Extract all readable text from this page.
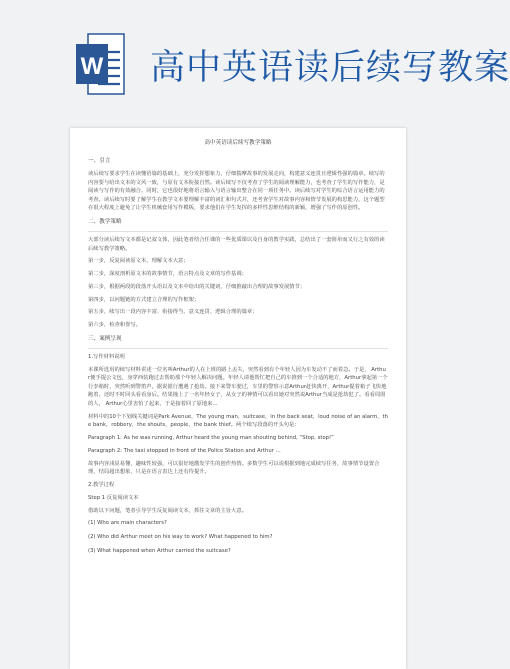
W 高中英语读后续写教案
高中英语读后续写教学策略
一、引言
读后续写要求学生在读懂语篇的基础上，充分发挥想象力，仔细揣摩故事的发展走向，构建意义连贯且逻辑性强的篇章。续写的内容要与给出文本的文风一致，与原有文本衔接自然。读后续写不仅考查了学生的阅读理解能力，也考查了学生的写作能力，是阅读与写作的有效融合。同时，它也很好地将语言输入与语言输出整合在同一项任务中。读后续写对学生的综合语言运用能力的考查。读后续写时要了解学生在教学文本要理解丰富的词汇和句式并，还考查学生对故事内容和情节发展的构思能力，这个题型在很大程度上避免了让学生机械套用写作模板，要求他们在学生发挥的多样性思维结构的新颖，增强了写作的原创性。
二、教学策略
大部分读后续写文本都是记叙文体，因此笔者结合任课的一些优质课以及自身的教学实践，总结出了一套简单而又行之有效的读后续写教学策略。
第一步，反复阅读原文本，理解文本大意；
第二步，深度剖析原文本的故事情节，语言特点及文章的写作基调；
第三步，根据两段的段落开头语以及文本中给出的关键词，仔细推敲出合理的故事发展情节；
第四步，以问题链的方式建立合理的写作框架；
第五步，续写出一段内容丰富、衔接得当、意义连贯、逻辑合理的篇章；
第六步，检查和誊写。
三、案例呈现
1.写作材料说明
本课所选用的续写材料讲述一位名叫Arthur的人在上班的路上丢失，突然看到有个年轻人因为车发动不了而着急。于是， Arthur便手提公文包，身穿西装跑过去帮助那个年轻人解决问题。年轻人请他帮忙把自己的车推到一个合适的地方，Arthur拿起第一个行李箱时，突然听到警笛声，据说银行遭遇了抢劫。接下来警车驶过，车里的警察示意Arthur赶快离开，Arthur提着箱子飞快地跑着，还时不时回头看看身后。结果撞上了一名年轻女子，从女子的神情可以看出她对突然说Arthur当成是抢劫犯了。看看周围的人， Arthur心里害怕了起来，于是接着回了原地来…
材料中的10个下划线关键词是Park Avenue，The young man，suitcase，in the back seat，loud noise of an alarm，the bank，robbery，the shouts，people，the bank thief。两个续写段落的开头句是：
Paragraph 1: As he was running, Arthur heard the young man shouting behind, “Stop, stop!”
Paragraph 2: The taxi stopped in front of the Police Station and Arthur …
故事内容浅显易懂，趣味性较强，可以很好地激发学生的创作热情。多数学生可以说根据到地完成续写任务，故事情节设置合理，结局超出想象，只是在语言表达上还有待提升。
2.教学过程
Step 1 反复阅读文本
借助以下问题，笔者引导学生反复阅读文本，抓住文章的主旨大意。
(1) Who are main characters?
(2) Who did Arthur meet on his way to work? What happened to him?
(3) What happened when Arthur carried the suitcase?
